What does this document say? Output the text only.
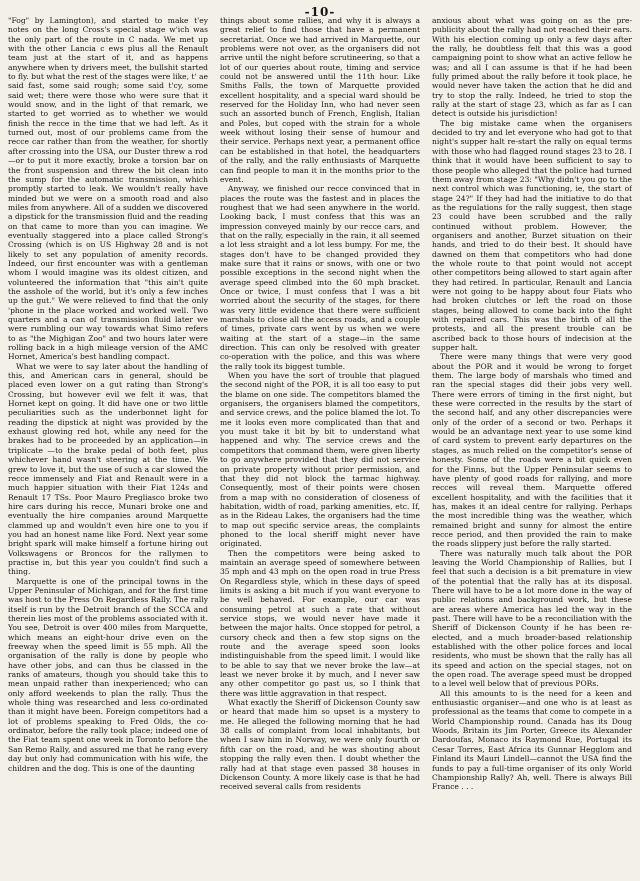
-10-

"Fog" by Lamington), and started to make t'ey notes on the long Cross's special stage w'ich was the only part of the route in C nada. We met up with the other Lancia c ews plus all the Renault team just at the start of it, and as happens anywhere when ty drivers meet, the bullshit started to fly. but what the rest of the stages were like, t' ae said fast, some said rough; some said t'cy, some said wet; there were those who were sure that it would snow, and in the light of that remark, we started to get worried as to whether we would finish the recce in the time that we had left. As it turned out, most of our problems came from the recce car rather than from the weather, for shortly after crossing into the USA, our Duster threw a rod—or to put it more exactly, broke a torsion bar on the front suspension and threw the bit clean into the sump for the automatic transmission, which promptly started to leak. We wouldn't really have minded but we were on a smooth road and also miles from anywhere. All of a sudden we discovered a dipstick for the transmission fluid and the reading on that came to more than you can imagine. We eventually staggered into a place called Strong's Crossing (which is on US Highway 28 and is not likely to set any population of amenity records. Indeed, our first encounter was with a gentleman whom I would imagine was its oldest citizen, and volunteered the information that "this ain't quite the asshole of the world, but it's only a few inches up the gut." We were relieved to find that the only 'phone in the place worked and worked well. Two quarters and a can of transmission fluid later we were rumbling our way towards what Simo refers to as "the Mighigan Zoo" and two hours later were rolling back in a high mileage version of the AMC Hornet, America's best handling compact.

What we were to say later about the handling of this, and American cars in general, should be placed even lower on a gut rating than Strong's Crossing, but however evil we felt it was, that Hornet kept on going. It did have one or two little peculiarities such as the underbonnet light for reading the dipstick at night was provided by the exhaust glowing red hot, while any need for the brakes had to be proceeded by an application—in triplicate —to the brake pedal of both feet, plus whichever hand wasn't steering at the time. We grew to love it, but the use of such a car slowed the recce immensely and Fiat and Renault were in a much happier situation with their Fiat 124s and Renault 17 TSs. Poor Mauro Pregliasco broke two hire cars during his recce, Munari broke one and eventually the hire companies around Marquette clammed up and wouldn't even hire one to you if you had an honest name like Ford. Next year some bright spark will make himself a fortune hiring out Volkswagens or Broncos for the rallymen to practise in, but this year you couldn't find such a thing.

Marquette is one of the principal towns in the Upper Peninsular of Michigan, and for the first time was host to the Press On Regardless Rally. The rally itself is run by the Detroit branch of the SCCA and therein lies most of the problems associated with it. You see, Detroit is over 400 miles from Marquette, which means an eight-hour drive even on the freeway when the speed limit is 55 mph. All the organisation of the rally is done by people who have other jobs, and can thus be classed in the ranks of amateurs, though you should take this to mean unpaid rather than inexperienced; who can only afford weekends to plan the rally. Thus the whole thing was researched and less co-ordinated than it might have been. Foreign competitors had a lot of problems speaking to Fred Olds, the co-ordinator, before the rally took place; indeed one of the Fiat team spent one week in Toronto before the San Remo Rally, and assured me that he rang every day but only had communication with his wife, the children and the dog. This is one of the daunting

things about some rallies, and why it is always a great relief to find those that have a permanent secretariat. Once we had arrived in Marquette, our problems were not over, as the organisers did not arrive until the night before scrutineering, so that a lot of our queries about route, timing and service could not be answered until the 11th hour. Like Smiths Falls, the town of Marquette provided excellent hospitality, and a special ward should be reserved for the Holiday Inn, who had never seen such an assorted bunch of French, English, Italian and Poles, but coped with the strain for a whole week without losing their sense of humour and their service. Perhaps next year, a permanent office can be established in that hotel, the headquarters of the rally, and the rally enthusiasts of Marquette can find people to man it in the months prior to the event.

Anyway, we finished our recce convinced that in places the route was the fastest and in places the roughest that we had seen anywhere in the world. Looking back, I must confess that this was an impression conveyed mainly by our recce cars, and that on the rally, especially in the rain, it all seemed a lot less straight and a lot less bumpy. For me, the stages don't have to be changed provided they make sure that it rains or snows, with one or two possible exceptions in the second night when the average speed climbed into the 60 mph bracket. Once or twice, I must confess that I was a bit worried about the security of the stages, for there was very little evidence that there were sufficient marshals to close all the access roads, and a couple of times, private cars went by us when we were waiting at the start of a stage—in the same direction. This can only be resolved with greater co-operation with the police, and this was where the rally took its biggest tumble.

When you have the sort of trouble that plagued the second night of the POR, it is all too easy to put the blame on one side. The competitors blamed the organisers, the organisers blamed the competitors, and service crews, and the police blamed the lot. To me it looks even more complicated than that and you must take it bit by bit to understand what happened and why. The service crews and the competitors that command them, were given liberty to go anywhere provided that they did not service on private property without prior permission, and that they did not block the tarmac highway. Consequently, most of their points were chosen from a map with no consideration of closeness of habitation, width of road, parking amenities, etc. If, as in the Rideau Lakes, the organisers had the time to map out specific service areas, the complaints phoned to the local sheriff might never have originated.

Then the competitors were being asked to maintain an average speed of somewhere between 35 mph and 43 mph on the open road in true Press On Regardless style, which in these days of speed limits is asking a bit much if you want everyone to be well behaved. For example, our car was consuming petrol at such a rate that without service stops, we would never have made it between the major halts. Once stopped for petrol, a cursory check and then a few stop signs on the route and the average speed soon looks indistinguishable from the speed limit. I would like to be able to say that we never broke the law—at least we never broke it by much, and I never saw any other competitor go past us, so I think that there was little aggravation in that respect.

What exactly the Sheriff of Dickenson County saw or heard that made him so upset is a mystery to me. He alleged the following morning that he had 38 calls of complaint from local inhabitants, but when I saw him in Norway, we were only fourth or fifth car on the road, and he was shouting about stopping the rally even then. I doubt whether the rally had at that stage even passed 38 houses in Dickenson County. A more likely case is that he had received several calls from residents

anxious about what was going on as the pre-publicity about the rally had not reached their ears. With his election coming up only a few days after the rally, he doubtless felt that this was a good campaigning point to show what an active fellow he was; and all I can assume is that if he had been fully primed about the rally before it took place, he would never have taken the action that he did and try to stop the rally. Indeed, he tried to stop the rally at the start of stage 23, which as far as I can detect is outside his jurisdiction!

The big mistake came when the organisers decided to try and let everyone who had got to that night's supper halt re-start the rally on equal terms with those who had flagged round stages 23 to 28. I think that it would have been sufficient to say to those people who alleged that the police had turned them away from stage 23: "Why didn't you go to the next control which was functioning, ie, the start of stage 24?" If they had had the initiative to do that as the regulations for the rally suggest, then stage 23 could have been scrubbed and the rally continued without problem. However, the organisers and another, Burzet situation on their hands, and tried to do their best. It should have dawned on them that competitors who had done the whole route to that point would not accept other competitors being allowed to start again after they had retired. In particular, Renault and Lancia were not going to be happy about four Fiats who had broken clutches or left the road on those stages, being allowed to come back into the fight with repaired cars. This was the birth of all the protests, and all the present trouble can be ascribed back to those hours of indecision at the supper halt.

There were many things that were very good about the POR and it would be wrong to forget them. The large body of marshals who timed and ran the special stages did their jobs very well. There were errors of timing in the first night, but these were corrected in the results by the start of the second half, and any other discrepancies were only of the order of a second or two. Perhaps it would be an advantage next year to use some kind of card system to prevent early departures on the stages, as much relied on the competitor's sense of honesty. Some of the roads were a bit quick even for the Finns, but the Upper Peninsular seems to have plenty of good roads for rallying, and more recces will reveal them. Marquette offered excellent hospitality, and with the facilities that it has, makes it an ideal centre for rallying. Perhaps the most incredible thing was the weather, which remained bright and sunny for almost the entire recce period, and then provided the rain to make the roads slippery just before the rally started.

There was naturally much talk about the POR leaving the World Championship of Rallies, but I feel that such a decision is a bit premature in view of the potential that the rally has at its disposal. There will have to be a lot more done in the way of public relations and background work, but these are areas where America has led the way in the past. There will have to be a reconciliation with the Sheriff of Dickenson County if he has been re-elected, and a much broader-based relationship established with the other police forces and local residents, who must be shown that the rally has all its speed and action on the special stages, not on the open road. The average speed must be dropped to a level well below that of previous PORs.

All this amounts to is the need for a keen and enthusiastic organiser—and one who is at least as professional as the teams that come to compete in a World Championship round. Canada has its Doug Woods, Britain its Jim Porter, Greece its Alexander Dardoufas, Monaco its Raymond Rue, Portugal its Cesar Torres, East Africa its Gunnar Hegglom and Finland its Mauri Lindell—cannot the USA find the funds to pay a full-time organiser of its only World Championship Rally? Ah, well. There is always Bill France . . .
